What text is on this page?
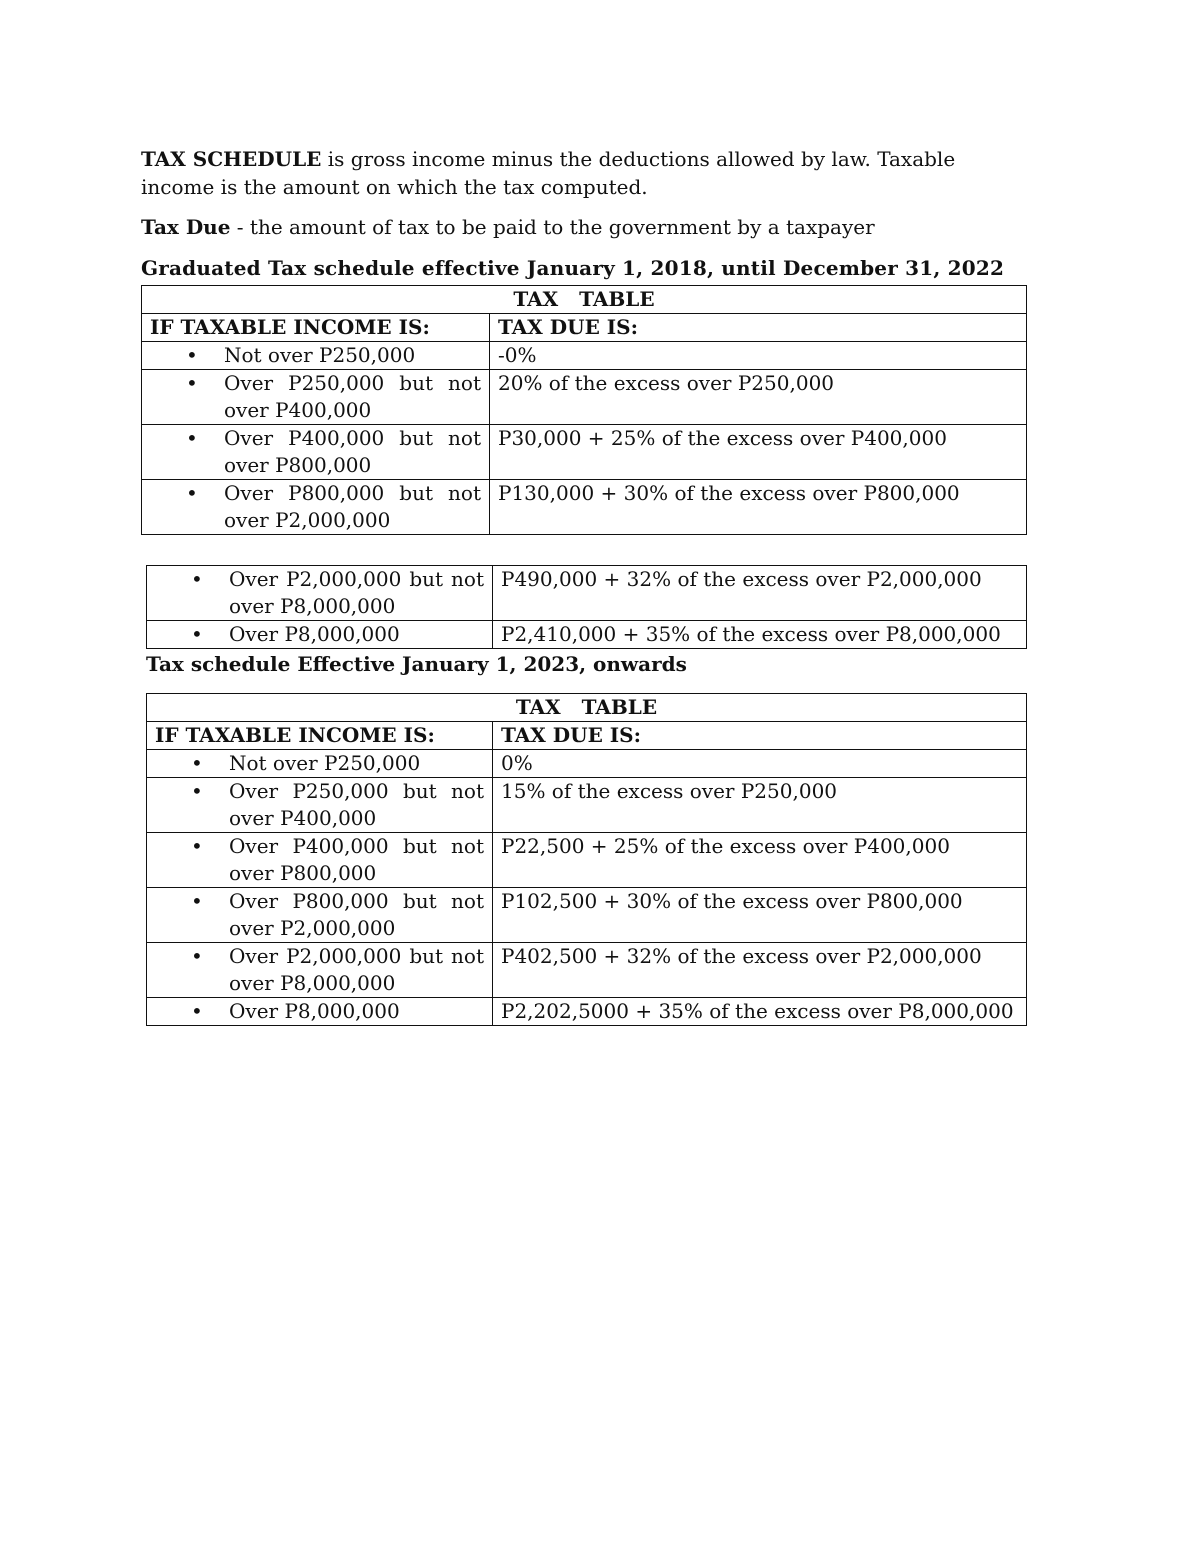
TAX SCHEDULE is gross income minus the deductions allowed by law. Taxable income is the amount on which the tax computed.

Tax Due - the amount of tax to be paid to the government by a taxpayer

Graduated Tax schedule effective January 1, 2018, until December 31, 2022

TAX   TABLE	
IF TAXABLE INCOME IS:	TAX DUE IS:

• Not over P250,000	-0%

• Over P250,000 but not over P400,000	20% of the excess over P250,000

• Over P400,000 but not over P800,000	P30,000 + 25% of the excess over P400,000

• Over P800,000 but not over P2,000,000	P130,000 + 30% of the excess over P800,000
• Over P2,000,000 but not over P8,000,000	P490,000 + 32% of the excess over P2,000,000

• Over P8,000,000	P2,410,000 + 35% of the excess over P8,000,000

Tax schedule Effective January 1, 2023, onwards

TAX   TABLE	
IF TAXABLE INCOME IS:	TAX DUE IS:

• Not over P250,000	0%

• Over P250,000 but not over P400,000	15% of the excess over P250,000

• Over P400,000 but not over P800,000	P22,500 + 25% of the excess over P400,000

• Over P800,000 but not over P2,000,000	P102,500 + 30% of the excess over P800,000

• Over P2,000,000 but not over P8,000,000	P402,500 + 32% of the excess over P2,000,000

• Over P8,000,000	P2,202,5000 + 35% of the excess over P8,000,000
